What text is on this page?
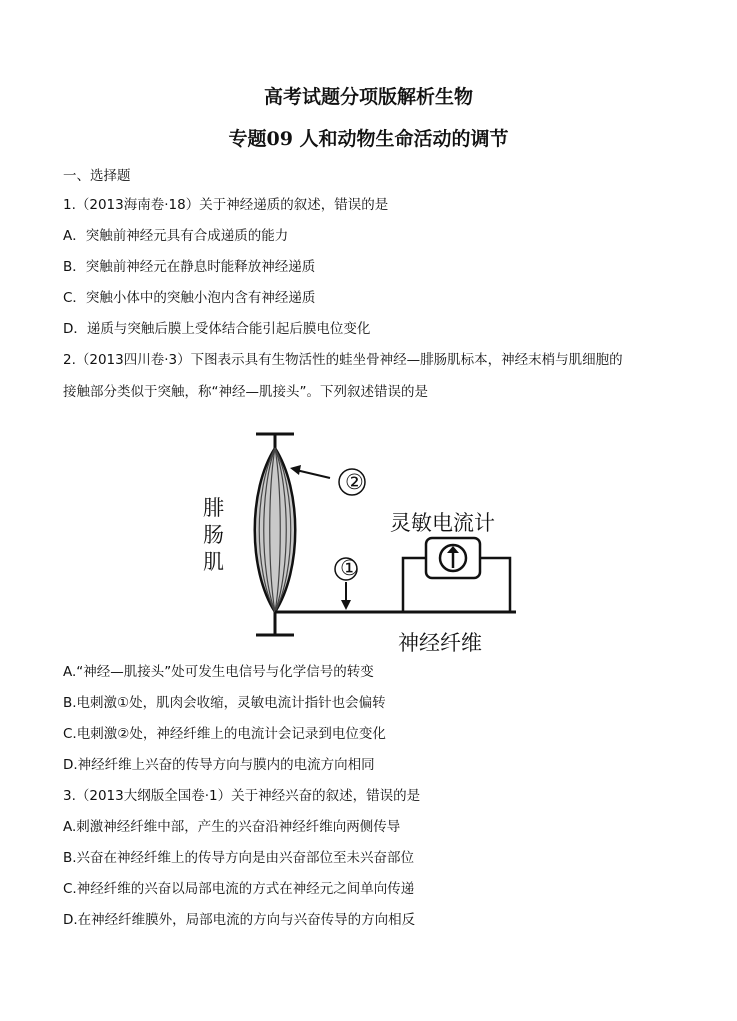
高考试题分项版解析生物
专题09 人和动物生命活动的调节
一、选择题
1.（2013海南卷·18）关于神经递质的叙述，错误的是
A．突触前神经元具有合成递质的能力
B．突触前神经元在静息时能释放神经递质
C．突触小体中的突触小泡内含有神经递质
D．递质与突触后膜上受体结合能引起后膜电位变化
2.（2013四川卷·3）下图表示具有生物活性的蛙坐骨神经—腓肠肌标本，神经末梢与肌细胞的
接触部分类似于突触，称“神经—肌接头”。下列叙述错误的是
②
①
腓
肠
肌
灵敏电流计
神经纤维
A.“神经—肌接头”处可发生电信号与化学信号的转变
B.电刺激①处，肌肉会收缩，灵敏电流计指针也会偏转
C.电刺激②处，神经纤维上的电流计会记录到电位变化
D.神经纤维上兴奋的传导方向与膜内的电流方向相同
3.（2013大纲版全国卷·1）关于神经兴奋的叙述，错误的是
A.刺激神经纤维中部，产生的兴奋沿神经纤维向两侧传导
B.兴奋在神经纤维上的传导方向是由兴奋部位至未兴奋部位
C.神经纤维的兴奋以局部电流的方式在神经元之间单向传递
D.在神经纤维膜外，局部电流的方向与兴奋传导的方向相反
